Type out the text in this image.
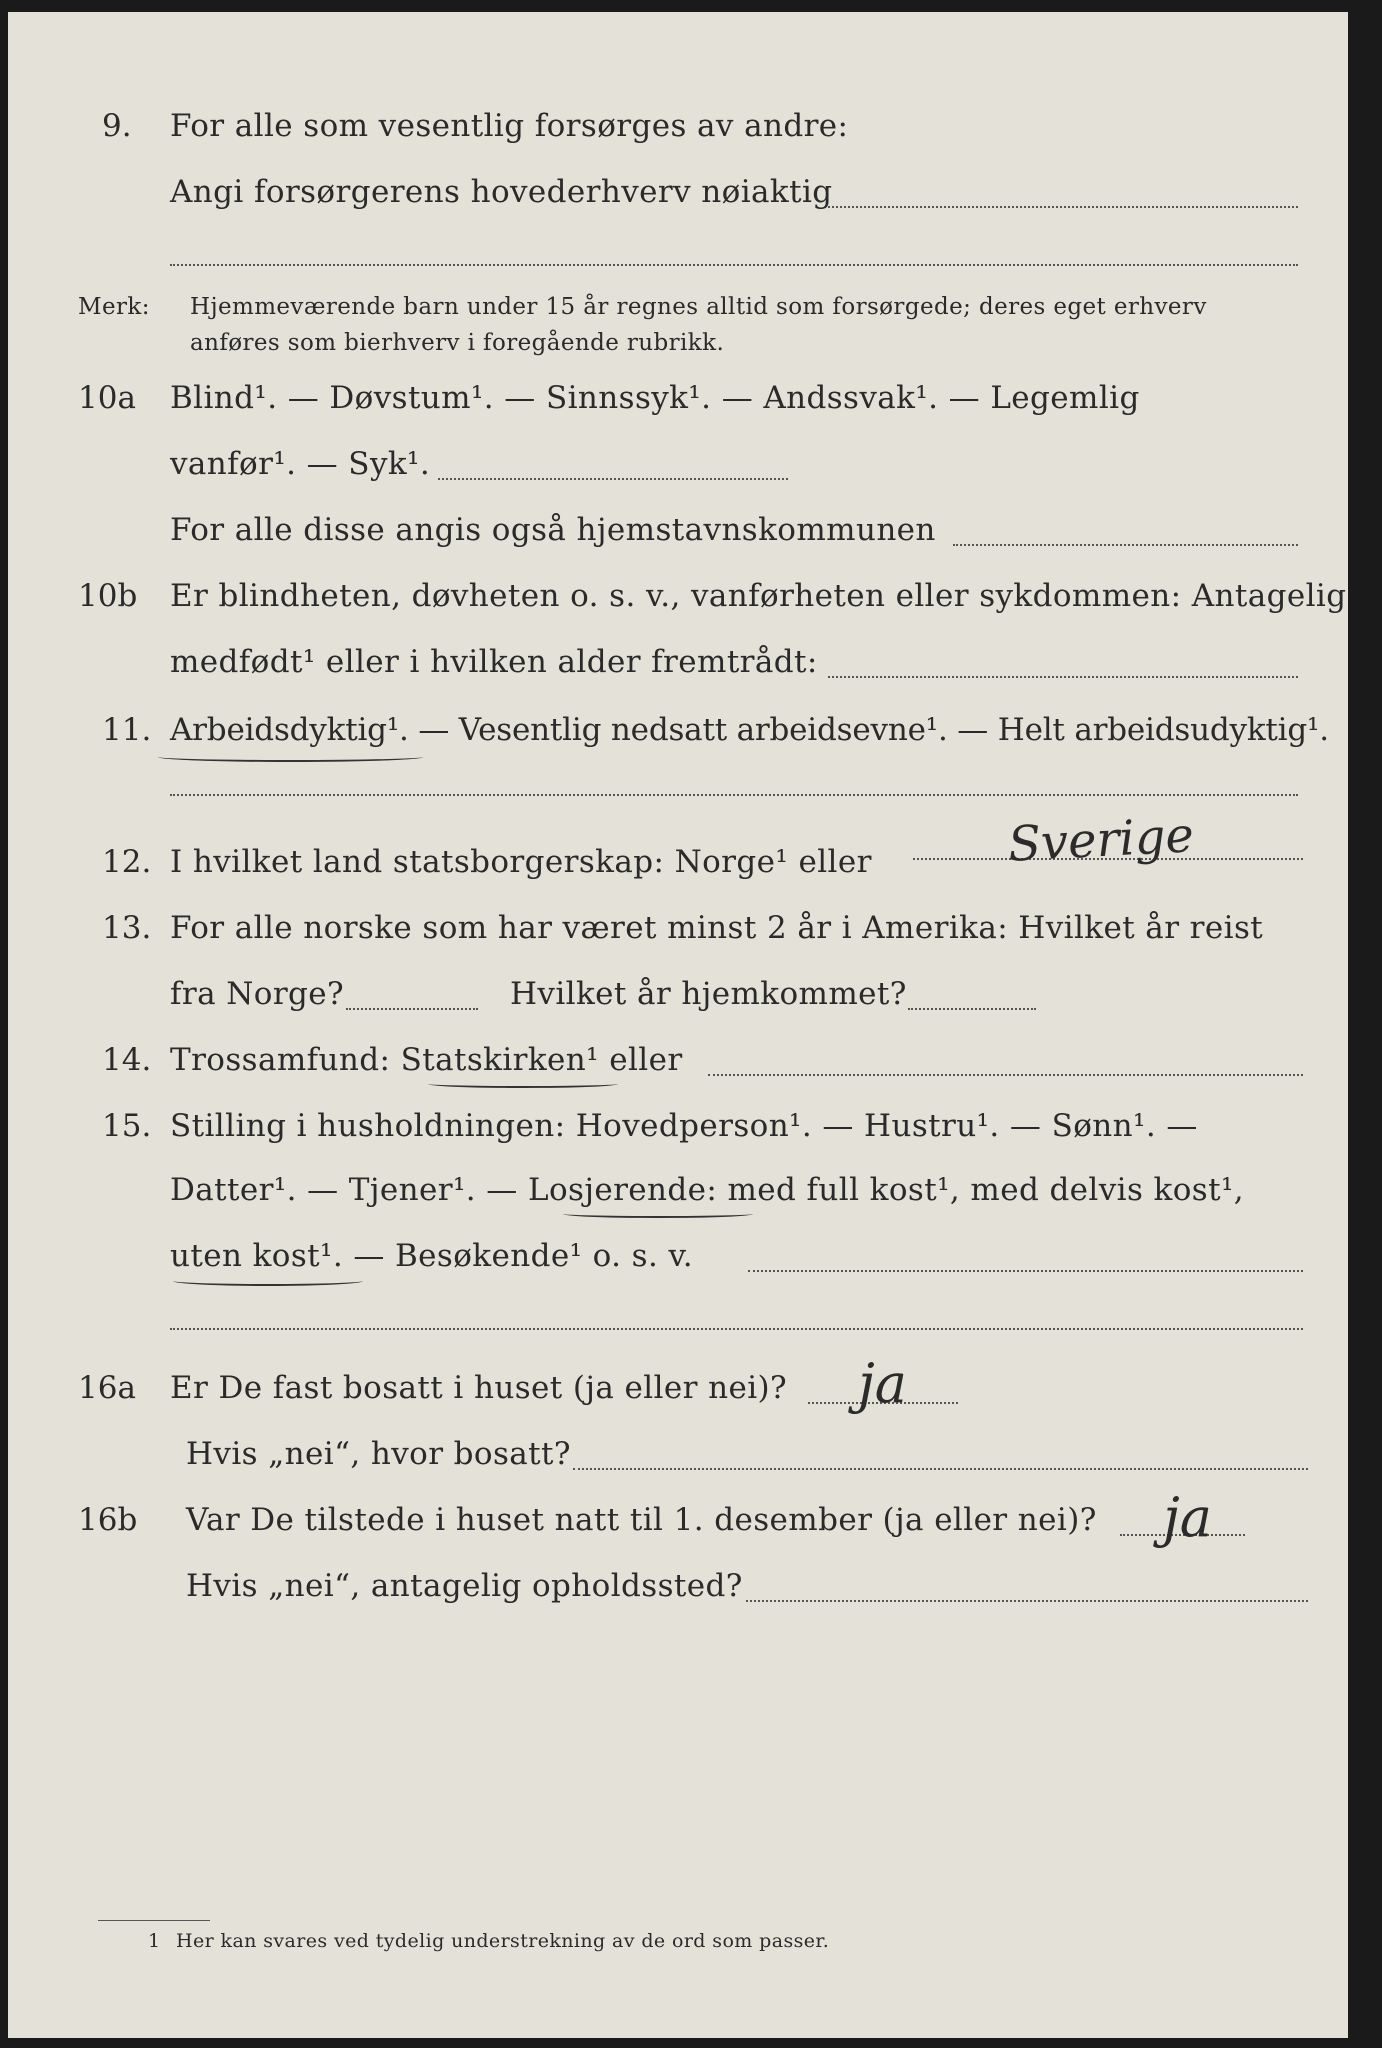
9. For alle som vesentlig forsørges av andre:
Angi forsørgerens hovederhverv nøiaktig
Merk: Hjemmeværende barn under 15 år regnes alltid som forsørgede; deres eget erhverv
anføres som bierhverv i foregående rubrikk.
10a Blind¹. — Døvstum¹. — Sinnssyk¹. — Andssvak¹. — Legemlig
vanfør¹. — Syk¹.
For alle disse angis også hjemstavnskommunen
10b Er blindheten, døvheten o. s. v., vanførheten eller sykdommen: Antagelig
medfødt¹ eller i hvilken alder fremtrådt:
11. Arbeidsdyktig¹. — Vesentlig nedsatt arbeidsevne¹. — Helt arbeidsudyktig¹.
12. I hvilket land statsborgerskap: Norge¹ eller	Sverige
13. For alle norske som har været minst 2 år i Amerika: Hvilket år reist
fra Norge?	Hvilket år hjemkommet?
14. Trossamfund: Statskirken¹ eller
15. Stilling i husholdningen: Hovedperson¹. — Hustru¹. — Sønn¹. —
Datter¹. — Tjener¹. — Losjerende: med full kost¹, med delvis kost¹,
uten kost¹. — Besøkende¹ o. s. v.
16a Er De fast bosatt i huset (ja eller nei)? ja
Hvis „nei“, hvor bosatt?
16b Var De tilstede i huset natt til 1. desember (ja eller nei)? ja
Hvis „nei“, antagelig opholdssted?
1 Her kan svares ved tydelig understrekning av de ord som passer.
